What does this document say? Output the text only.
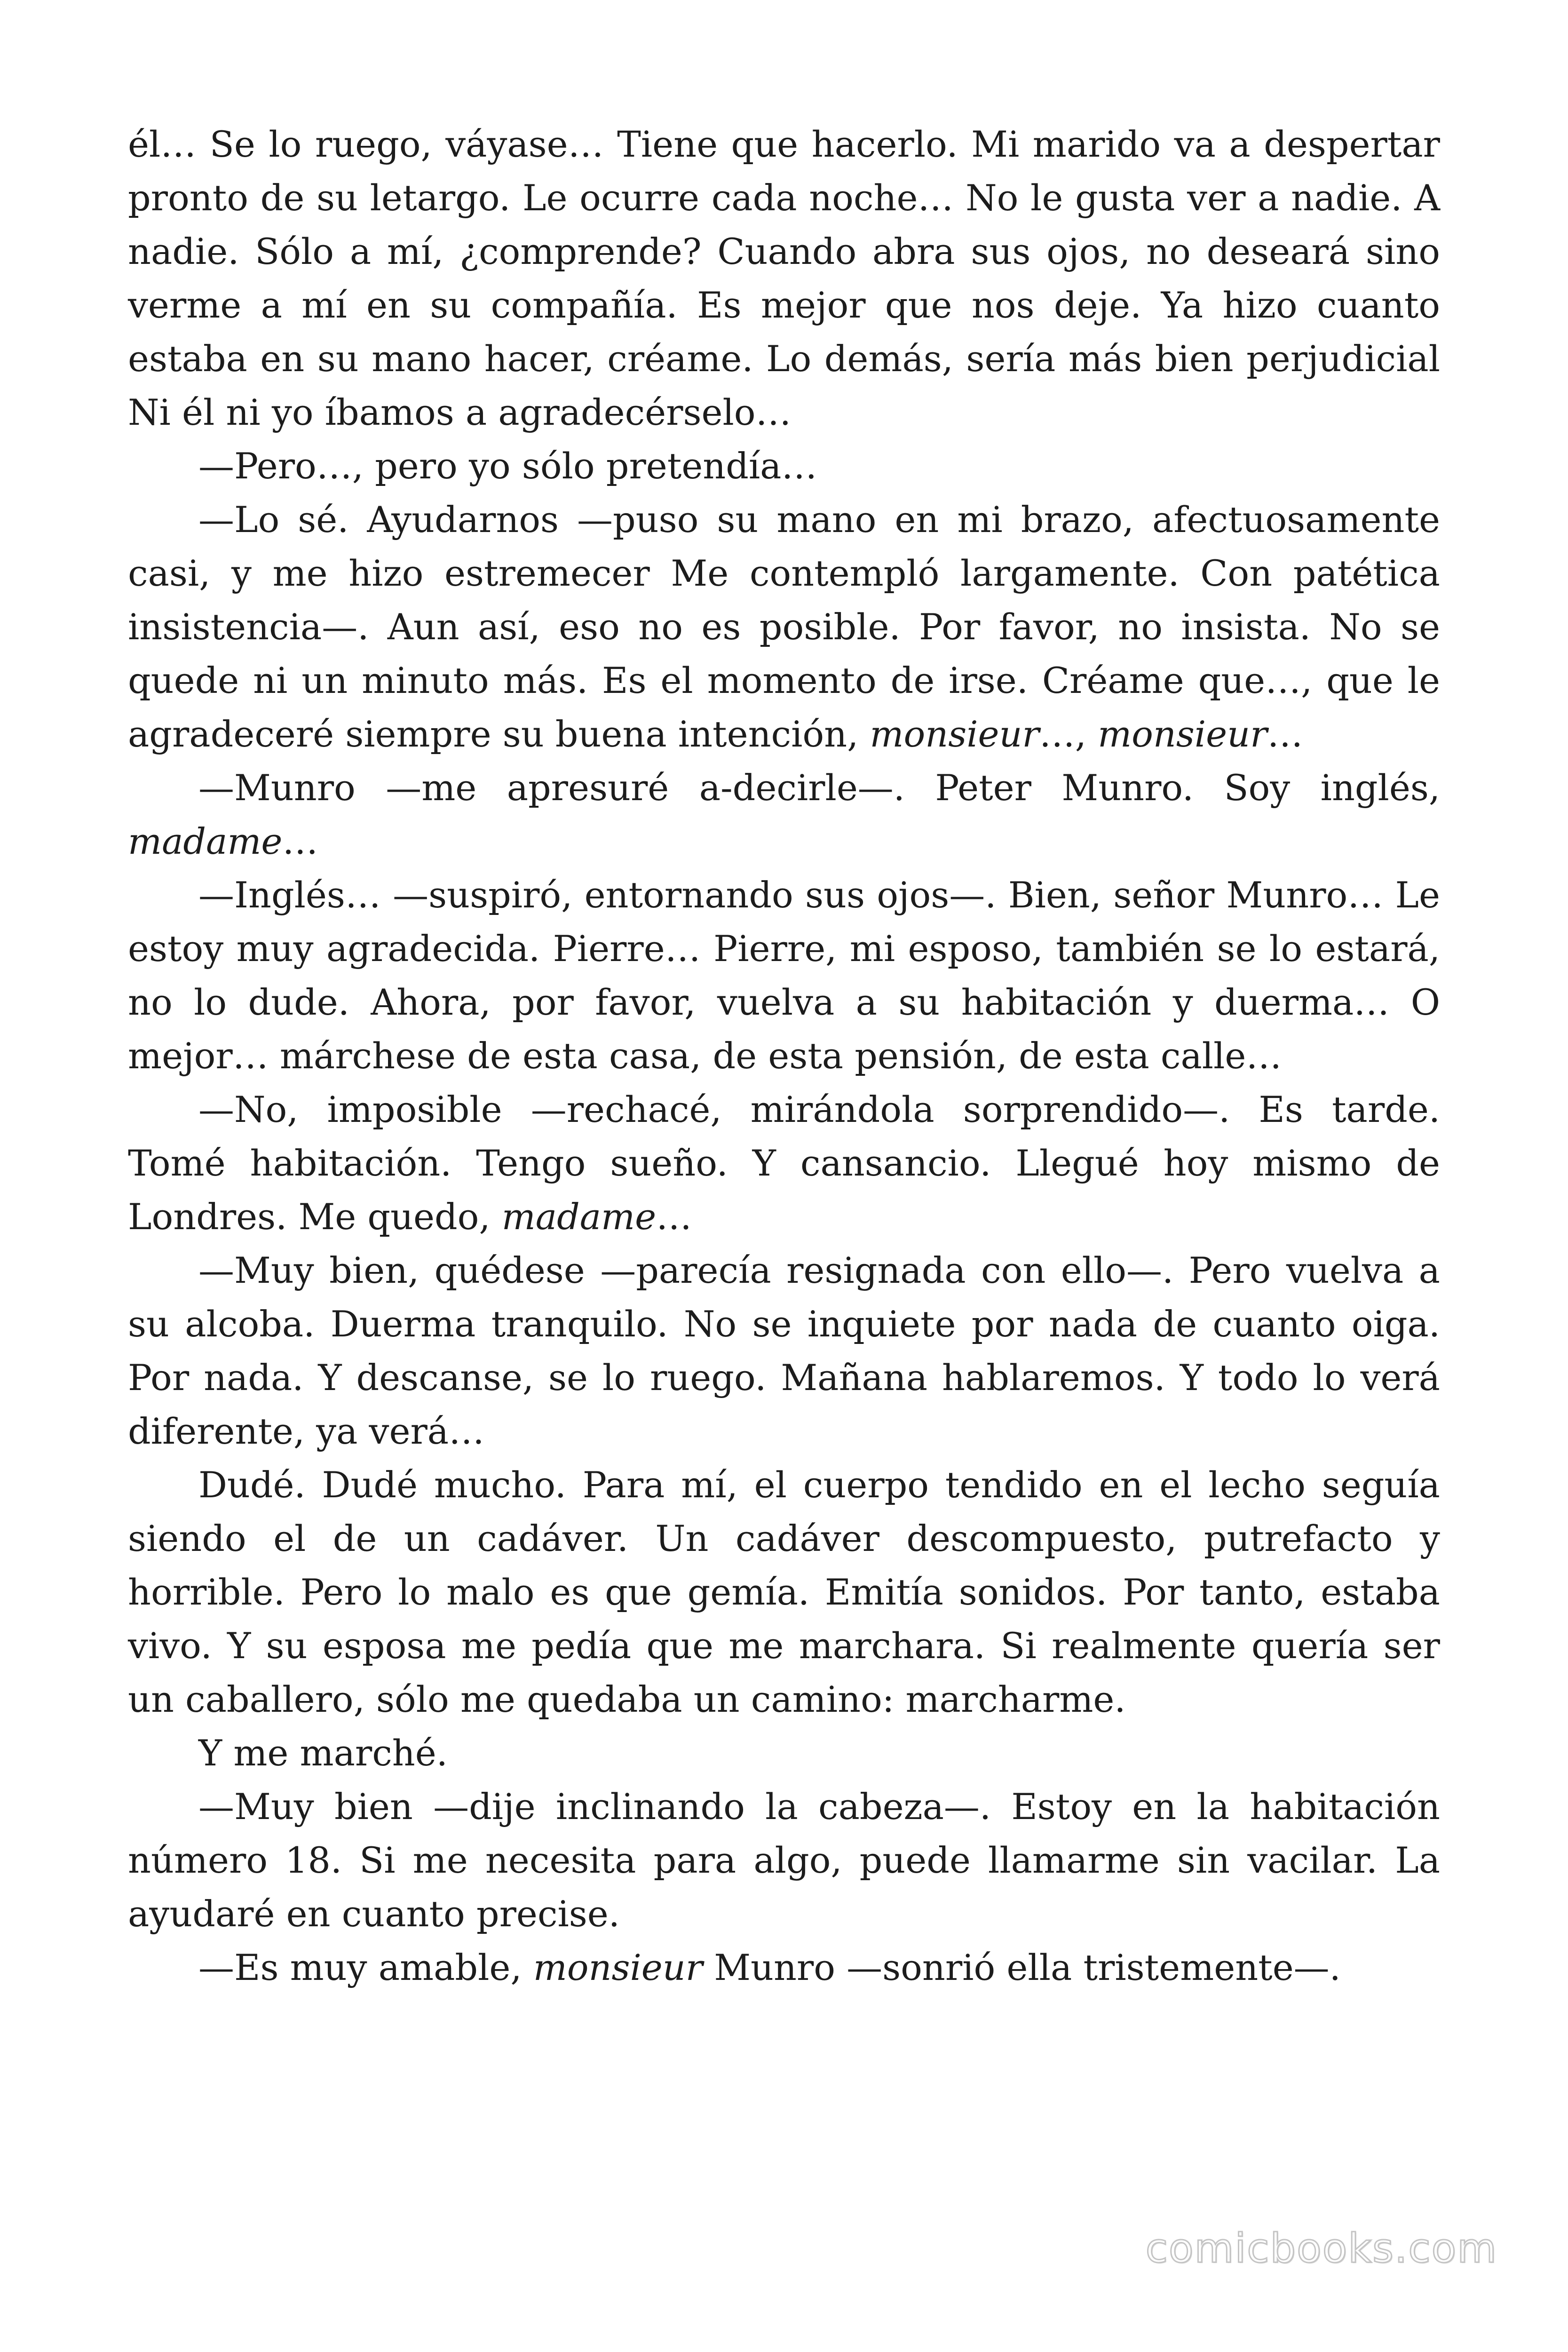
él… Se lo ruego, váyase… Tiene que hacerlo. Mi marido va a despertar pronto de su letargo. Le ocurre cada noche… No le gusta ver a nadie. A nadie. Sólo a mí, ¿comprende? Cuando abra sus ojos, no deseará sino verme a mí en su compañía. Es mejor que nos deje. Ya hizo cuanto estaba en su mano hacer, créame. Lo demás, sería más bien perjudicial Ni él ni yo íbamos a agradecérselo…

—Pero…, pero yo sólo pretendía…

—Lo sé. Ayudarnos —puso su mano en mi brazo, afectuosamente casi, y me hizo estremecer Me contempló largamente. Con patética insistencia—. Aun así, eso no es posible. Por favor, no insista. No se quede ni un minuto más. Es el momento de irse. Créame que…, que le agradeceré siempre su buena intención, monsieur…, monsieur…

—Munro —me apresuré a-decirle—. Peter Munro. Soy inglés, madame…

—Inglés… —suspiró, entornando sus ojos—. Bien, señor Munro… Le estoy muy agradecida. Pierre… Pierre, mi esposo, también se lo estará, no lo dude. Ahora, por favor, vuelva a su habitación y duerma… O mejor… márchese de esta casa, de esta pensión, de esta calle…

—No, imposible —rechacé, mirándola sorprendido—. Es tarde. Tomé habitación. Tengo sueño. Y cansancio. Llegué hoy mismo de Londres. Me quedo, madame…

—Muy bien, quédese —parecía resignada con ello—. Pero vuelva a su alcoba. Duerma tranquilo. No se inquiete por nada de cuanto oiga. Por nada. Y descanse, se lo ruego. Mañana hablaremos. Y todo lo verá diferente, ya verá…

Dudé. Dudé mucho. Para mí, el cuerpo tendido en el lecho seguía siendo el de un cadáver. Un cadáver descompuesto, putrefacto y horrible. Pero lo malo es que gemía. Emitía sonidos. Por tanto, estaba vivo. Y su esposa me pedía que me marchara. Si realmente quería ser un caballero, sólo me quedaba un camino: marcharme.

Y me marché.

—Muy bien —dije inclinando la cabeza—. Estoy en la habitación número 18. Si me necesita para algo, puede llamarme sin vacilar. La ayudaré en cuanto precise.

—Es muy amable, monsieur Munro —sonrió ella tristemente—.

comicbooks.com
